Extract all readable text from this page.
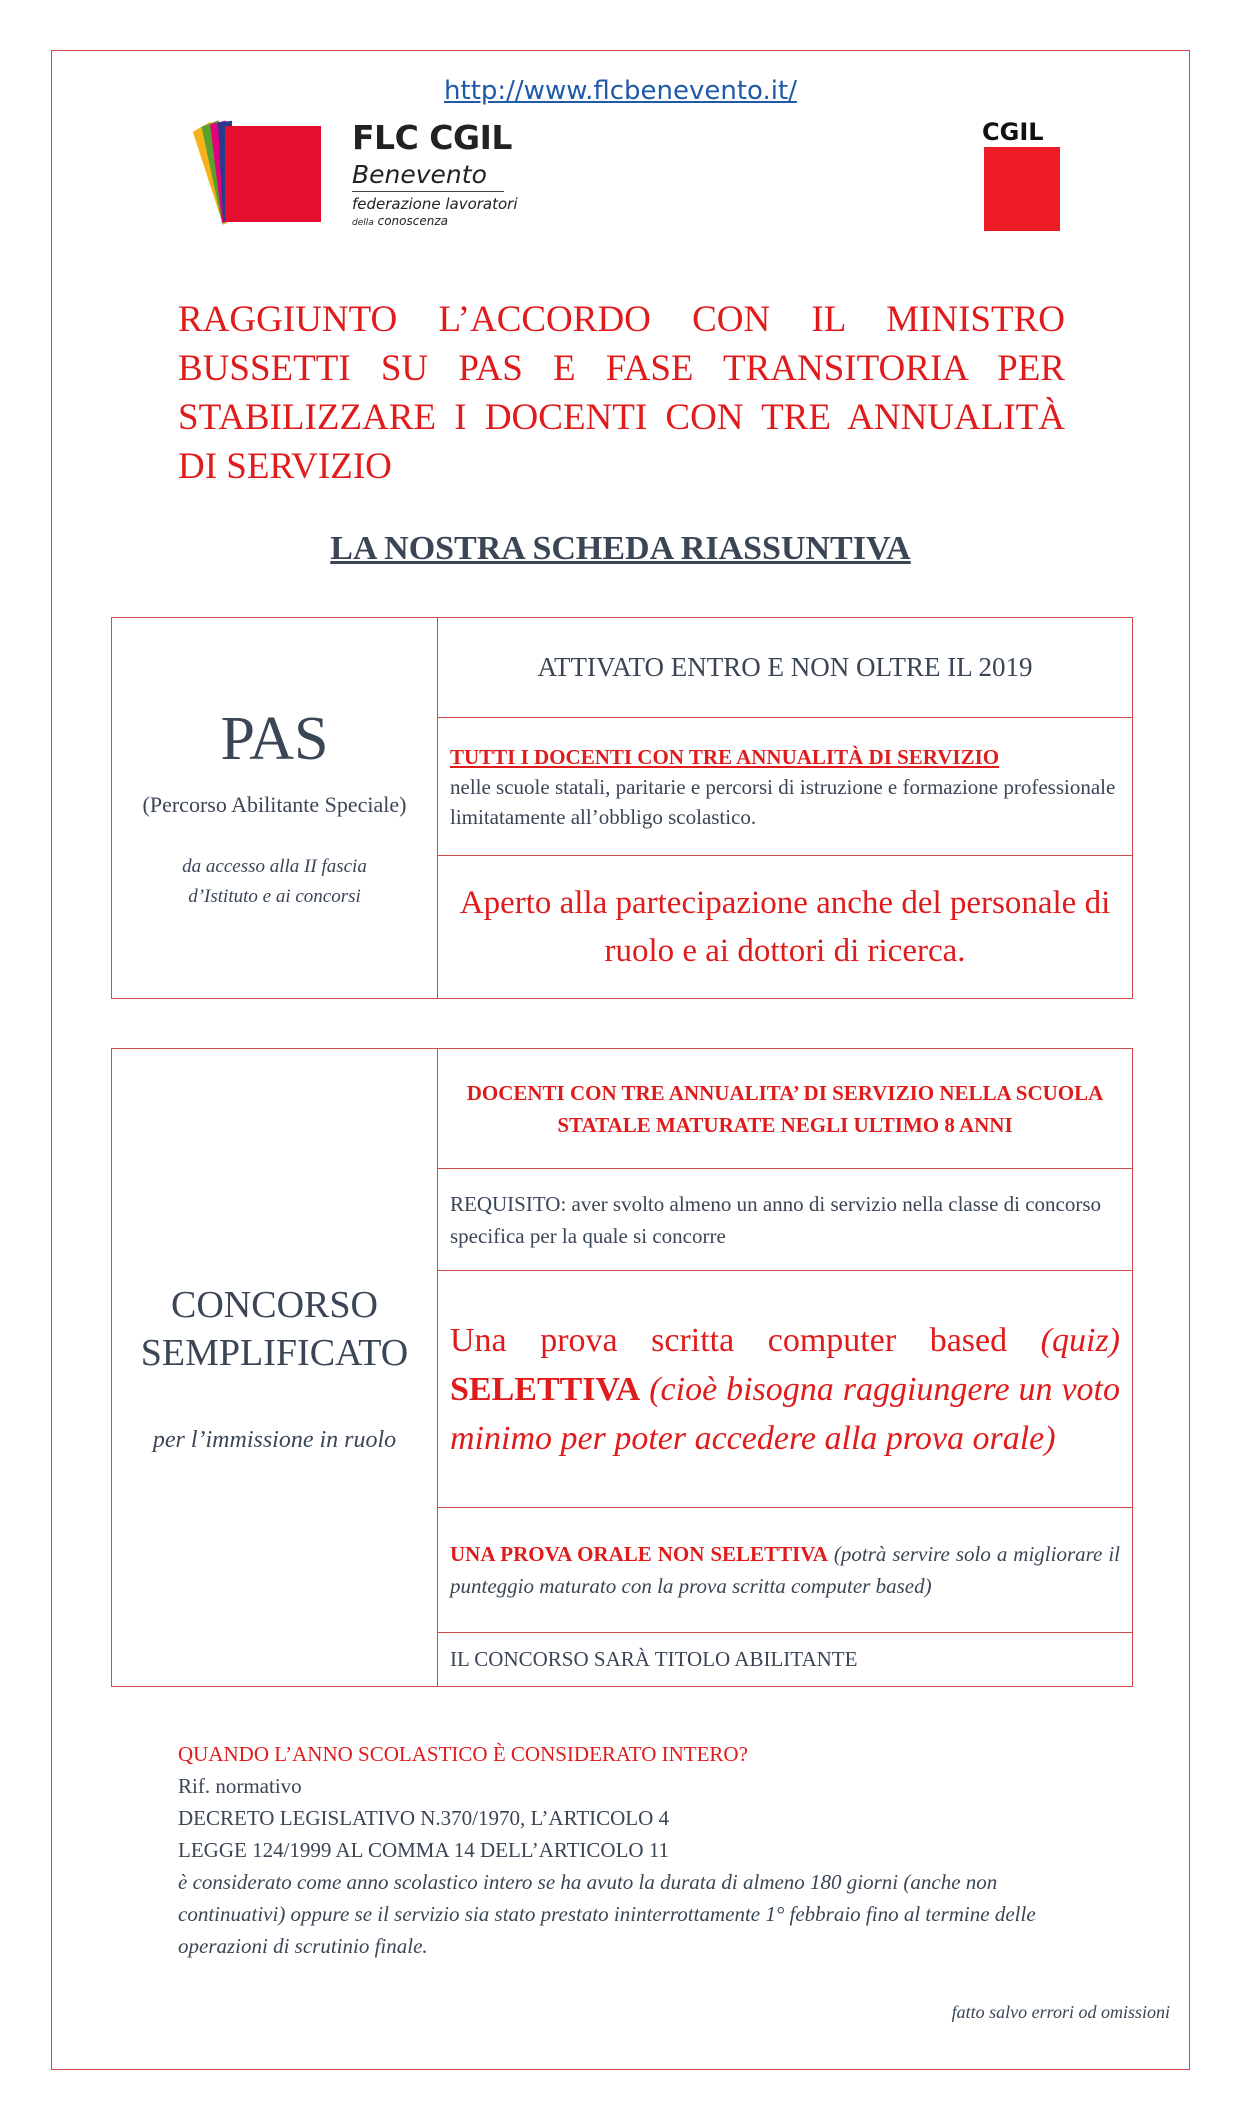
http://www.flcbenevento.it/
FLC CGIL
Benevento
federazione lavoratori
della conoscenza
CGIL
RAGGIUNTO L’ACCORDO CON IL MINISTRO BUSSETTI SU PAS E FASE TRANSITORIA PER STABILIZZARE I DOCENTI CON TRE ANNUALITÀ DI SERVIZIO
LA NOSTRA SCHEDA RIASSUNTIVA
PAS
(Percorso Abilitante Speciale)
da accesso alla II fascia
d’Istituto e ai concorsi
	ATTIVATO ENTRO E NON OLTRE IL 2019

TUTTI I DOCENTI CON TRE ANNUALITÀ DI SERVIZIO
nelle scuole statali, paritarie e percorsi di istruzione e formazione professionale limitatamente all’obbligo scolastico.

Aperto alla partecipazione anche del personale di ruolo e ai dottori di ricerca.
CONCORSO
SEMPLIFICATO
per l’immissione in ruolo
	DOCENTI CON TRE ANNUALITA’ DI SERVIZIO NELLA SCUOLA STATALE MATURATE NEGLI ULTIMO 8 ANNI
REQUISITO: aver svolto almeno un anno di servizio nella classe di concorso specifica per la quale si concorre
Una prova scritta computer based (quiz) SELETTIVA (cioè bisogna raggiungere un voto minimo per poter accedere alla prova orale)
UNA PROVA ORALE NON SELETTIVA (potrà servire solo a migliorare il punteggio maturato con la prova scritta computer based)
IL CONCORSO SARÀ TITOLO ABILITANTE
QUANDO L’ANNO SCOLASTICO È CONSIDERATO INTERO?
Rif. normativo
DECRETO LEGISLATIVO N.370/1970, L’ARTICOLO 4
LEGGE 124/1999 AL COMMA 14 DELL’ARTICOLO 11
è considerato come anno scolastico intero se ha avuto la durata di almeno 180 giorni (anche non continuativi) oppure se il servizio sia stato prestato ininterrottamente 1° febbraio fino al termine delle operazioni di scrutinio finale.
fatto salvo errori od omissioni
